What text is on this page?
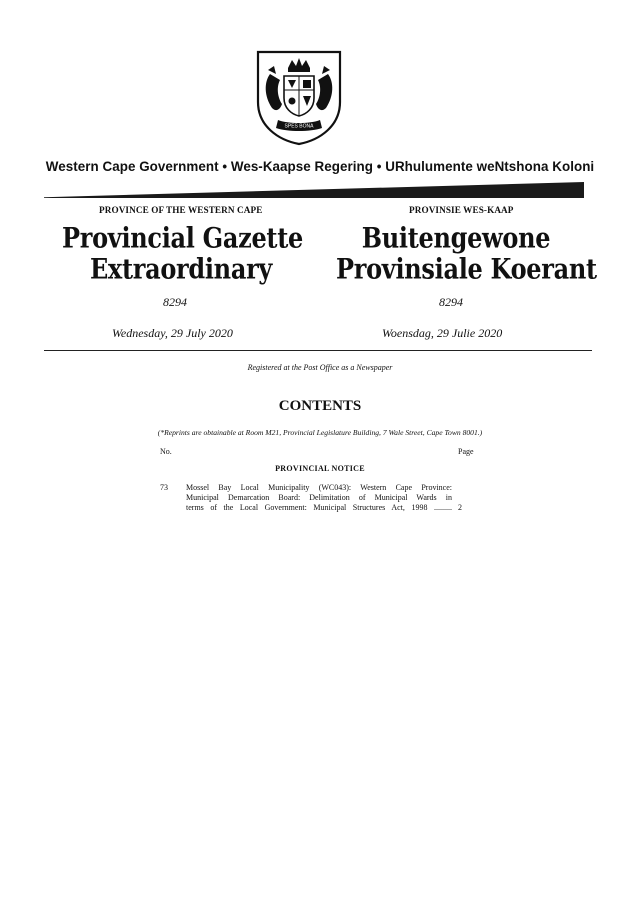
SPES BONA
Western Cape Government • Wes-Kaapse Regering • URhulumente weNtshona Koloni
PROVINCE OF THE WESTERN CAPE	PROVINSIE WES-KAAP
Provincial Gazette
Extraordinary
Buitengewone
Provinsiale Koerant
8294	8294
Wednesday, 29 July 2020	Woensdag, 29 Julie 2020
Registered at the Post Office as a Newspaper
CONTENTS
(*Reprints are obtainable at Room M21, Provincial Legislature Building, 7 Wale Street, Cape Town 8001.)
No.	Page
PROVINCIAL NOTICE
73 Mossel Bay Local Municipality (WC043): Western Cape Province:
Municipal Demarcation Board: Delimitation of Municipal Wards in
terms of the Local Government: Municipal Structures Act, 1998 ......... 2
